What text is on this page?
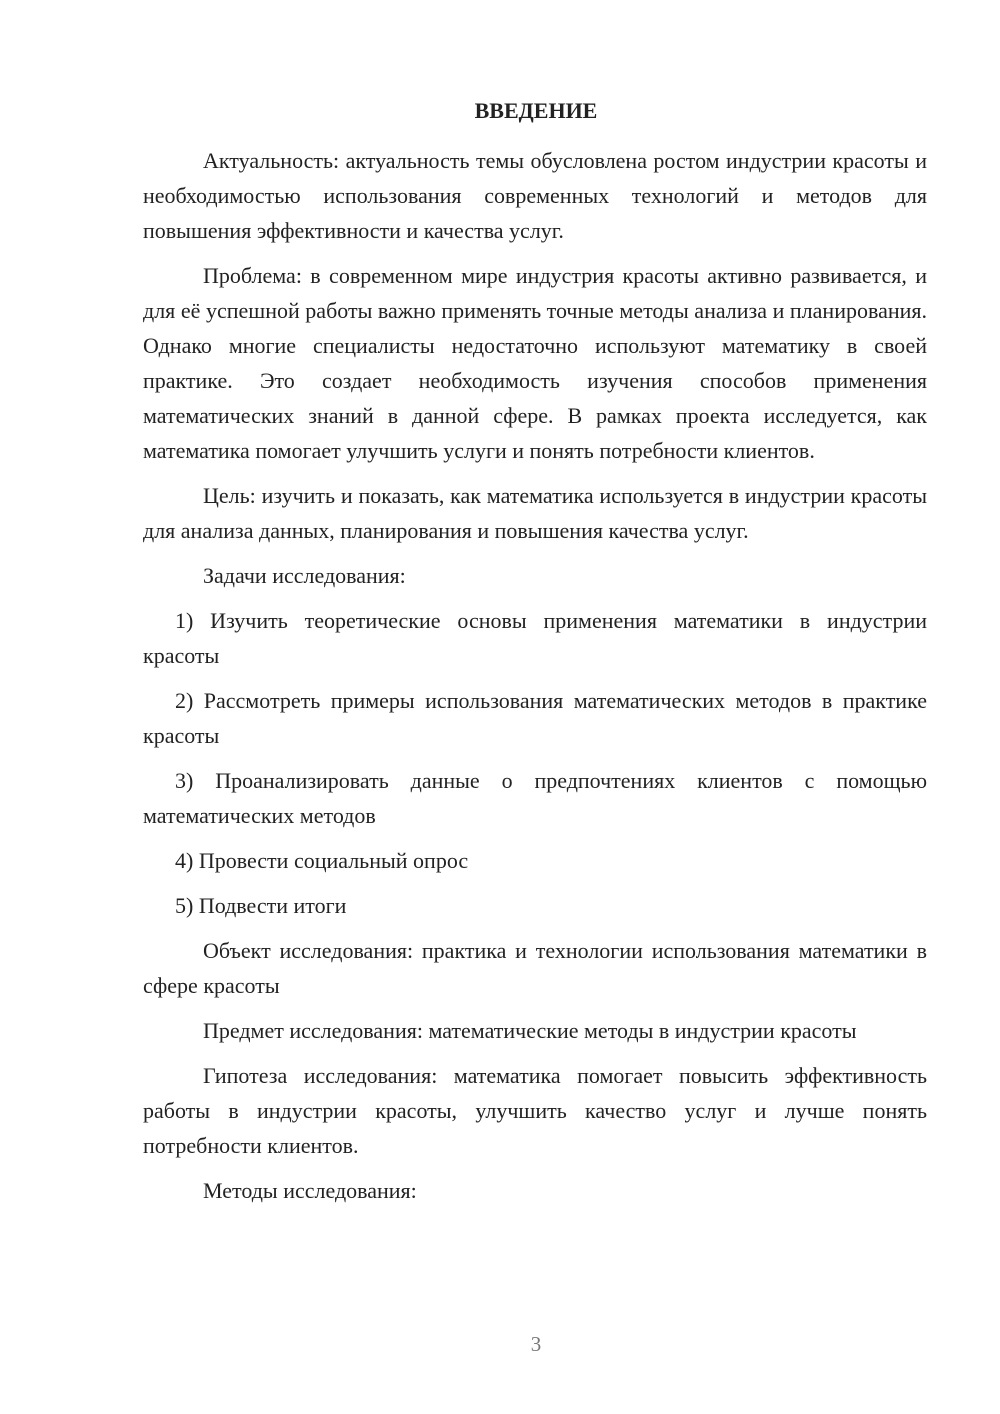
ВВЕДЕНИЕ

Актуальность: актуальность темы обусловлена ростом индустрии красоты и необходимостью использования современных технологий и методов для повышения эффективности и качества услуг.

Проблема: в современном мире индустрия красоты активно развивается, и для её успешной работы важно применять точные методы анализа и планирования. Однако многие специалисты недостаточно используют математику в своей практике. Это создает необходимость изучения способов применения математических знаний в данной сфере. В рамках проекта исследуется, как математика помогает улучшить услуги и понять потребности клиентов.

Цель: изучить и показать, как математика используется в индустрии красоты для анализа данных, планирования и повышения качества услуг.

Задачи исследования:

1) Изучить теоретические основы применения математики в индустрии красоты

2) Рассмотреть примеры использования математических методов в практике красоты

3) Проанализировать данные о предпочтениях клиентов с помощью математических методов

4) Провести социальный опрос

5) Подвести итоги

Объект исследования: практика и технологии использования математики в сфере красоты

Предмет исследования: математические методы в индустрии красоты

Гипотеза исследования: математика помогает повысить эффективность работы в индустрии красоты, улучшить качество услуг и лучше понять потребности клиентов.

Методы исследования:

3
